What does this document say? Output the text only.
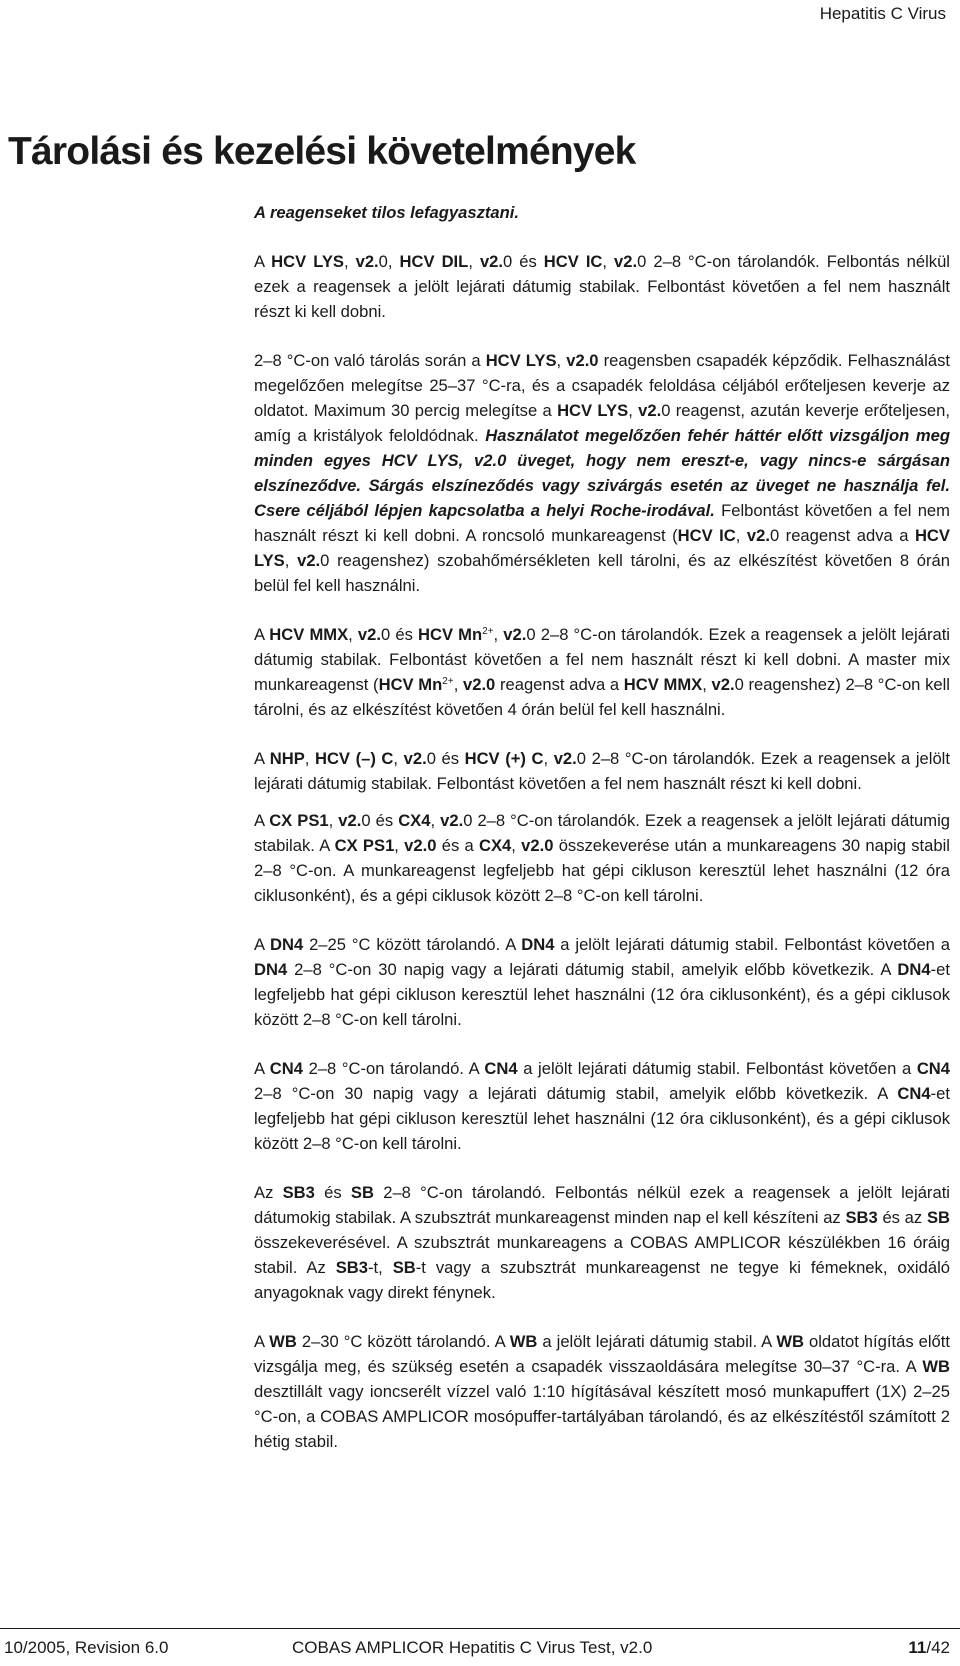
Hepatitis C Virus
Tárolási és kezelési követelmények

A reagenseket tilos lefagyasztani.

A HCV LYS, v2.0, HCV DIL, v2.0 és HCV IC, v2.0 2–8 °C-on tárolandók. Felbontás nélkül ezek a reagensek a jelölt lejárati dátumig stabilak. Felbontást követően a fel nem használt részt ki kell dobni.

2–8 °C-on való tárolás során a HCV LYS, v2.0 reagensben csapadék képződik. Felhasználást megelőzően melegítse 25–37 °C-ra, és a csapadék feloldása céljából erőteljesen keverje az oldatot. Maximum 30 percig melegítse a HCV LYS, v2.0 reagenst, azután keverje erőteljesen, amíg a kristályok feloldódnak. Használatot megelőzően fehér háttér előtt vizsgáljon meg minden egyes HCV LYS, v2.0 üveget, hogy nem ereszt-e, vagy nincs-e sárgásan elszíneződve. Sárgás elszíneződés vagy szivárgás esetén az üveget ne használja fel. Csere céljából lépjen kapcsolatba a helyi Roche-irodával. Felbontást követően a fel nem használt részt ki kell dobni. A roncsoló munkareagenst (HCV IC, v2.0 reagenst adva a HCV LYS, v2.0 reagenshez) szobahőmérsékleten kell tárolni, és az elkészítést követően 8 órán belül fel kell használni.

A HCV MMX, v2.0 és HCV $Mn^{2+}$, v2.0 2–8 °C-on tárolandók. Ezek a reagensek a jelölt lejárati dátumig stabilak. Felbontást követően a fel nem használt részt ki kell dobni. A master mix munkareagenst (HCV $Mn^{2+}$, v2.0 reagenst adva a HCV MMX, v2.0 reagenshez) 2–8 °C-on kell tárolni, és az elkészítést követően 4 órán belül fel kell használni.

A NHP, HCV (–) C, v2.0 és HCV (+) C, v2.0 2–8 °C-on tárolandók. Ezek a reagensek a jelölt lejárati dátumig stabilak. Felbontást követően a fel nem használt részt ki kell dobni.

A CX PS1, v2.0 és CX4, v2.0 2–8 °C-on tárolandók. Ezek a reagensek a jelölt lejárati dátumig stabilak. A CX PS1, v2.0 és a CX4, v2.0 összekeverése után a munkareagens 30 napig stabil 2–8 °C-on. A munkareagenst legfeljebb hat gépi cikluson keresztül lehet használni (12 óra ciklusonként), és a gépi ciklusok között 2–8 °C-on kell tárolni.

A DN4 2–25 °C között tárolandó. A DN4 a jelölt lejárati dátumig stabil. Felbontást követően a DN4 2–8 °C-on 30 napig vagy a lejárati dátumig stabil, amelyik előbb következik. A DN4-et legfeljebb hat gépi cikluson keresztül lehet használni (12 óra ciklusonként), és a gépi ciklusok között 2–8 °C-on kell tárolni.

A CN4 2–8 °C-on tárolandó. A CN4 a jelölt lejárati dátumig stabil. Felbontást követően a CN4 2–8 °C-on 30 napig vagy a lejárati dátumig stabil, amelyik előbb következik. A CN4-et legfeljebb hat gépi cikluson keresztül lehet használni (12 óra ciklusonként), és a gépi ciklusok között 2–8 °C-on kell tárolni.

Az SB3 és SB 2–8 °C-on tárolandó. Felbontás nélkül ezek a reagensek a jelölt lejárati dátumokig stabilak. A szubsztrát munkareagenst minden nap el kell készíteni az SB3 és az SB összekeverésével. A szubsztrát munkareagens a COBAS AMPLICOR készülékben 16 óráig stabil. Az SB3-t, SB-t vagy a szubsztrát munkareagenst ne tegye ki fémeknek, oxidáló anyagoknak vagy direkt fénynek.

A WB 2–30 °C között tárolandó. A WB a jelölt lejárati dátumig stabil. A WB oldatot hígítás előtt vizsgálja meg, és szükség esetén a csapadék visszaoldására melegítse 30–37 °C-ra. A WB desztillált vagy ioncserélt vízzel való 1:10 hígításával készített mosó munkapuffert (1X) 2–25 °C-on, a COBAS AMPLICOR mosópuffer-tartályában tárolandó, és az elkészítéstől számított 2 hétig stabil.

10/2005, Revision 6.0	COBAS AMPLICOR Hepatitis C Virus Test, v2.0	11/42
